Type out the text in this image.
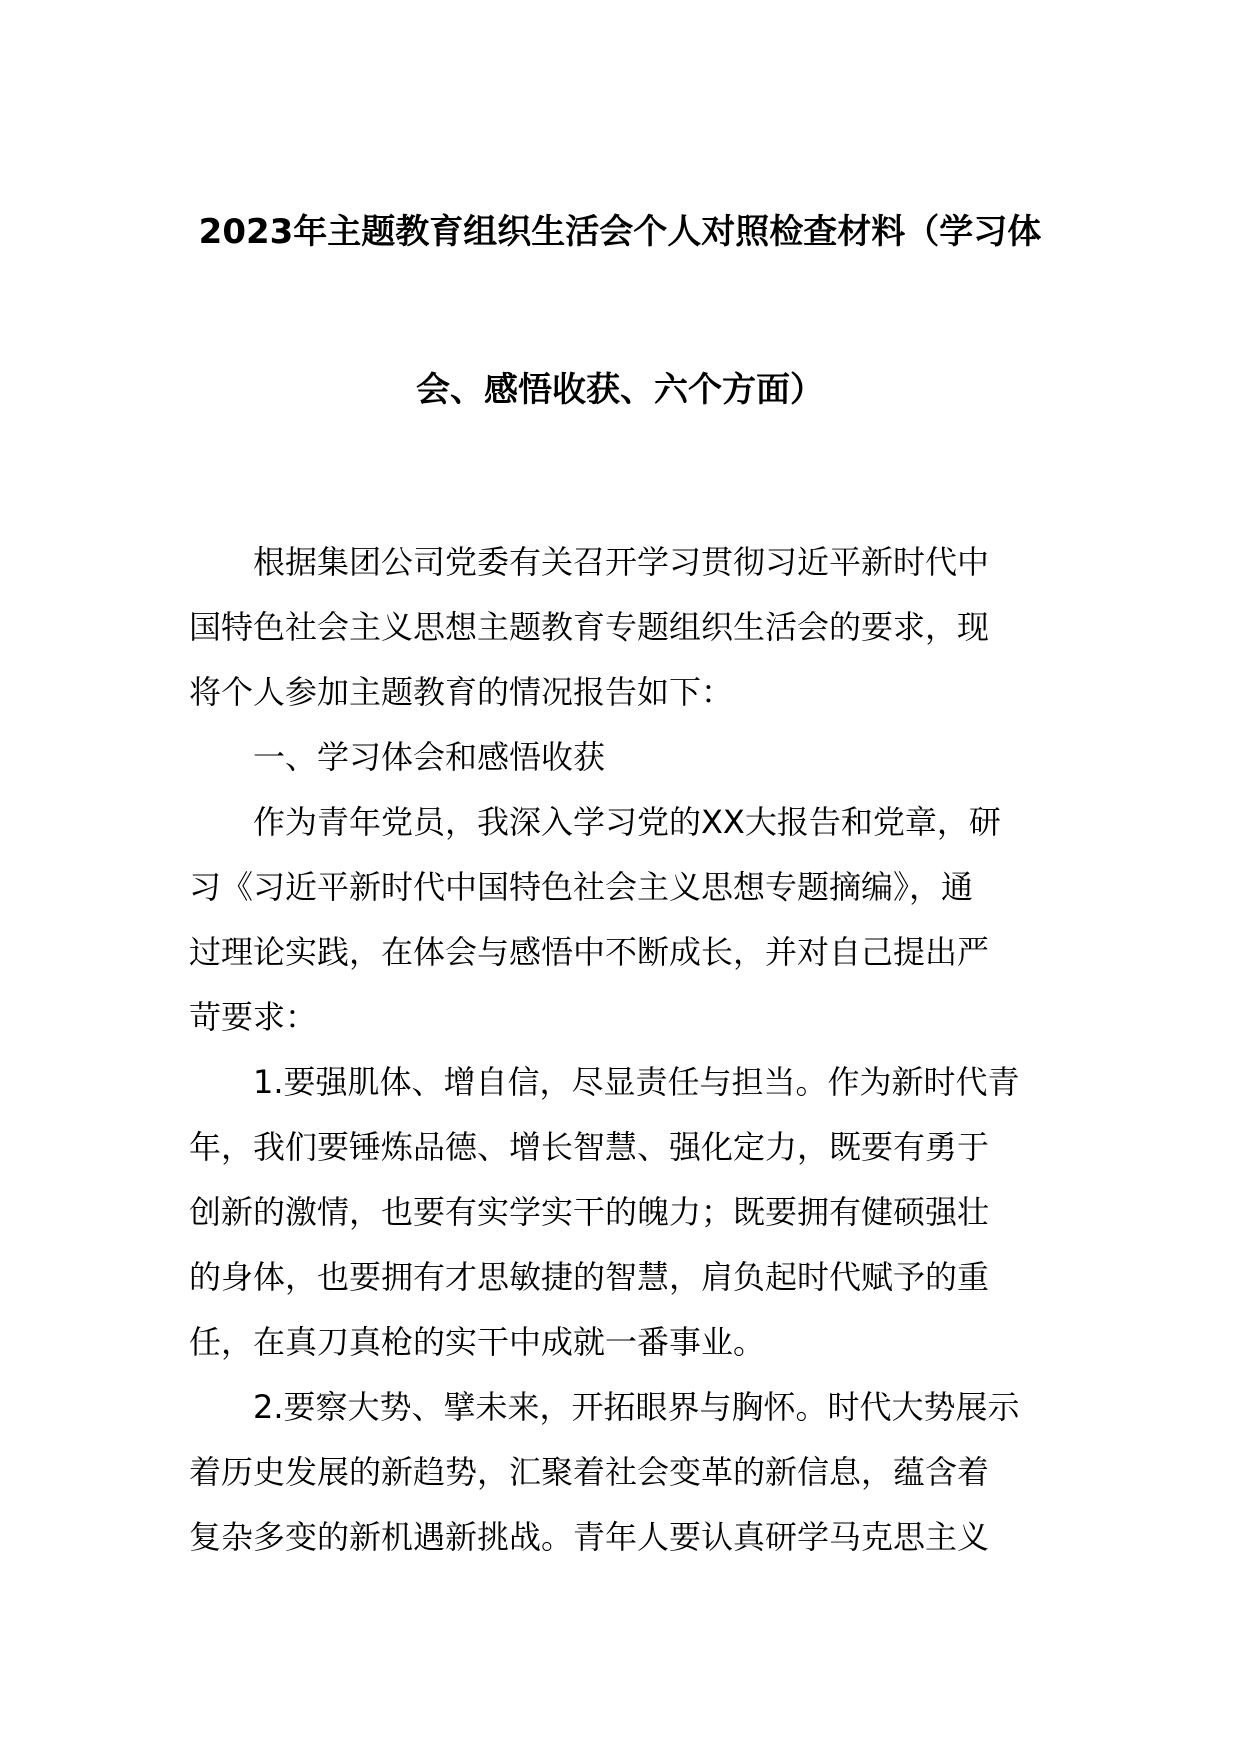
2023年主题教育组织生活会个人对照检查材料（学习体
会、感悟收获、六个方面）
根据集团公司党委有关召开学习贯彻习近平新时代中
国特色社会主义思想主题教育专题组织生活会的要求，现
将个人参加主题教育的情况报告如下：
一、学习体会和感悟收获
作为青年党员，我深入学习党的XX大报告和党章，研
习《习近平新时代中国特色社会主义思想专题摘编》，通
过理论实践，在体会与感悟中不断成长，并对自己提出严
苛要求：
1.要强肌体、增自信，尽显责任与担当。作为新时代青
年，我们要锤炼品德、增长智慧、强化定力，既要有勇于
创新的激情，也要有实学实干的魄力；既要拥有健硕强壮
的身体，也要拥有才思敏捷的智慧，肩负起时代赋予的重
任，在真刀真枪的实干中成就一番事业。
2.要察大势、擘未来，开拓眼界与胸怀。时代大势展示
着历史发展的新趋势，汇聚着社会变革的新信息，蕴含着
复杂多变的新机遇新挑战。青年人要认真研学马克思主义
